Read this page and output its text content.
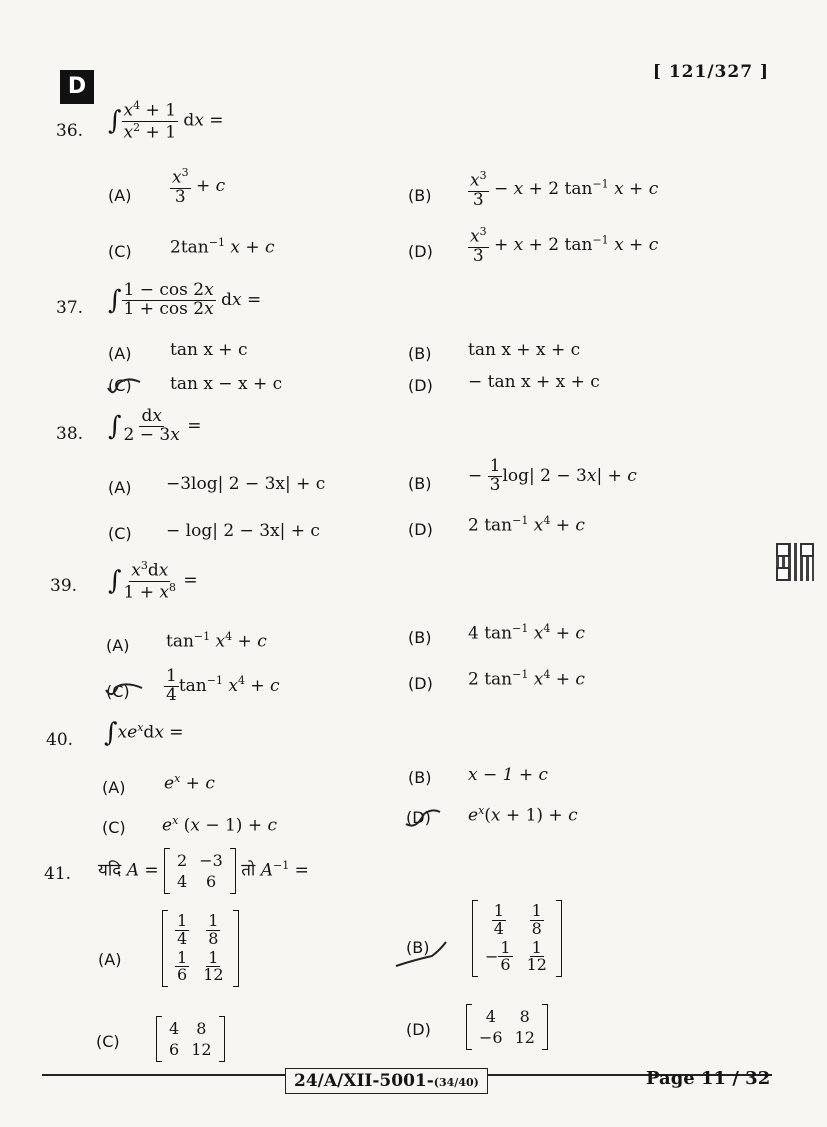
D
[ 121/327 ]
36. ∫ $\frac{x^4 + 1}{x^2 + 1}$ dx =
$(A) \frac{x^3}{3} + c$	$(B) \frac{x^3}{3} - x + 2$ $\tan^{-1} x + c$
(C) $2\tan^{-1}$ x + c	$(D) \frac{x^3}{3} + x + 2$ $\tan^{-1} x + c$
37. ∫ $\frac{1 - \cos 2x}{1 + \cos 2x}$ dx =
(A) tan x + c	(B) tan x + x + c
(C) tan x − x + c	(D) − tan x + x + c
38. ∫ $\frac{dx}{2 - 3x}$ =
(A) −3log| 2 − 3x| + c	$(B) - \frac{1}{3} \log|$ 2 − 3x| + c
(C) − log| 2 − 3x| + c	(D) 2 $\tan^{-1} x^4 + c$
39. ∫ $\frac{x^3dx}{1 + x^8}$ =
(A) $\tan^{-1} x^4 + c$	(B) 4 $\tan^{-1} x^4 + c$
$(C) \frac{1}{4} \tan^{-1} x^4 + c$	(D) 2 $\tan^{-1} x^4 + c$
40. $\int xe^xdx$ =
(A) $e^x + c$	(B) x − 1 + c
(C) $e^x$ (x − 1) + c	(D) $e^x(x + 1) + c$
41. यदि A = 2	−3
4	6
तो $A^{-1}$ =
(A)
$\frac{1}{4}$	$\frac{1}{8}$

$\frac{1}{6}$	$\frac{1}{12}$
(B)
$\frac{1}{4}$	$\frac{1}{8}$

− $\frac{1}{6}$	$\frac{1}{12}$
(C)
4	8
6	12
(D)
4	8
−6	12
24/A/XII-5001-(34/40)	Page 11 / 32
